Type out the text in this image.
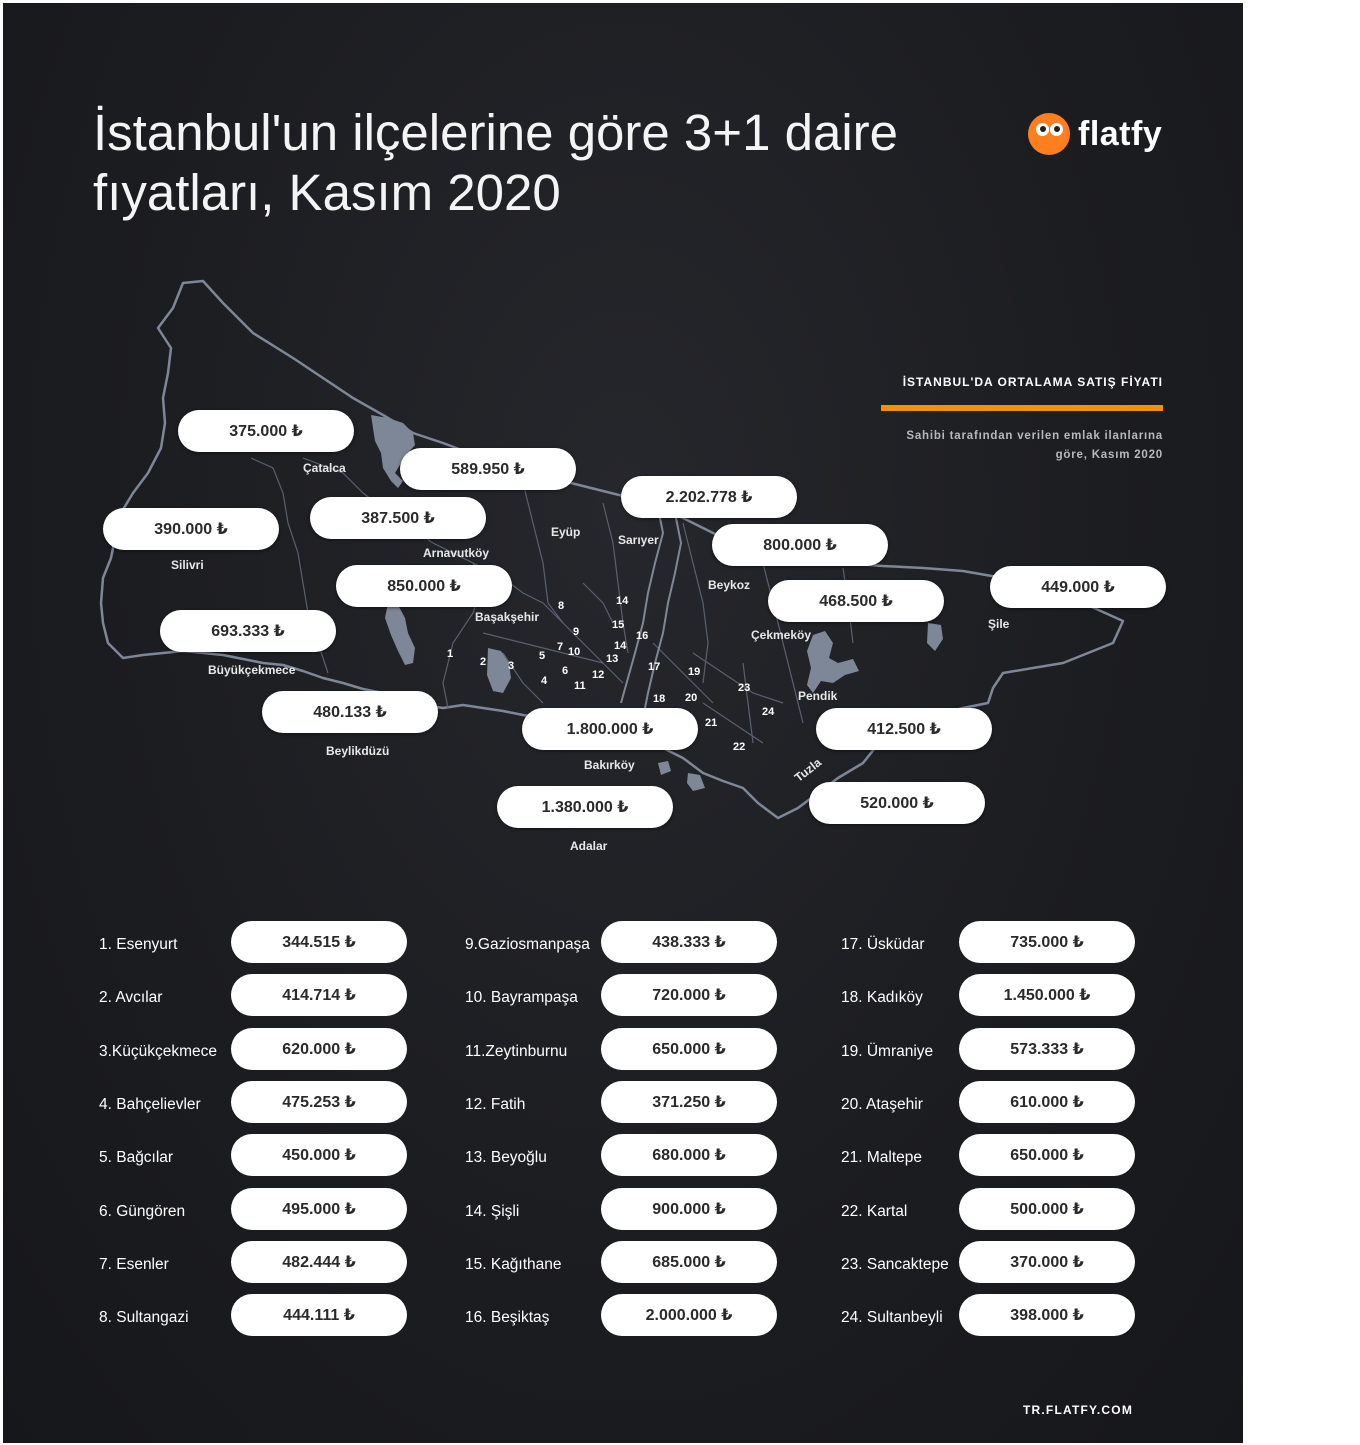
İstanbul'un ilçelerine göre 3+1 daire
fıyatları, Kasım 2020
flatfy
İSTANBUL'DA ORTALAMA SATIŞ FİYATI
Sahibi tarafından verilen emlak ilanlarına
göre, Kasım 2020
375.000 ₺
Çatalca
390.000 ₺
Silivri
387.500 ₺
Arnavutköy
589.950 ₺
Eyüp
2.202.778 ₺
Sarıyer	800.000 ₺
Beykoz
850.000 ₺
Başakşehir
693.333 ₺
Büyükçekmece
468.500 ₺
Çekmeköy
449.000 ₺
Şile
480.133 ₺
Beylikdüzü
1.800.000 ₺
Bakırköy
412.500 ₺
Pendik
520.000 ₺
Tuzla
1.380.000 ₺
Adalar
1
2 3
4
5
6
7
8
9
10
11
12
13
14
15
16
14
17
18
19
20
21
22
23
24
1. Esenyurt	344.515 ₺
2. Avcılar	414.714 ₺
3.Küçükçekmece	620.000 ₺
4. Bahçelievler	475.253 ₺
5. Bağcılar	450.000 ₺
6. Güngören	495.000 ₺
7. Esenler	482.444 ₺
8. Sultangazi	444.111 ₺
9.Gaziosmanpaşa	438.333 ₺
10. Bayrampaşa	720.000 ₺
11.Zeytinburnu	650.000 ₺
12. Fatih	371.250 ₺
13. Beyoğlu	680.000 ₺
14. Şişli	900.000 ₺
15. Kağıthane	685.000 ₺
16. Beşiktaş	2.000.000 ₺
17. Üsküdar	735.000 ₺
18. Kadıköy	1.450.000 ₺
19. Ümraniye	573.333 ₺
20. Ataşehir	610.000 ₺
21. Maltepe	650.000 ₺
22. Kartal	500.000 ₺
23. Sancaktepe	370.000 ₺
24. Sultanbeyli	398.000 ₺
TR.FLATFY.COM
